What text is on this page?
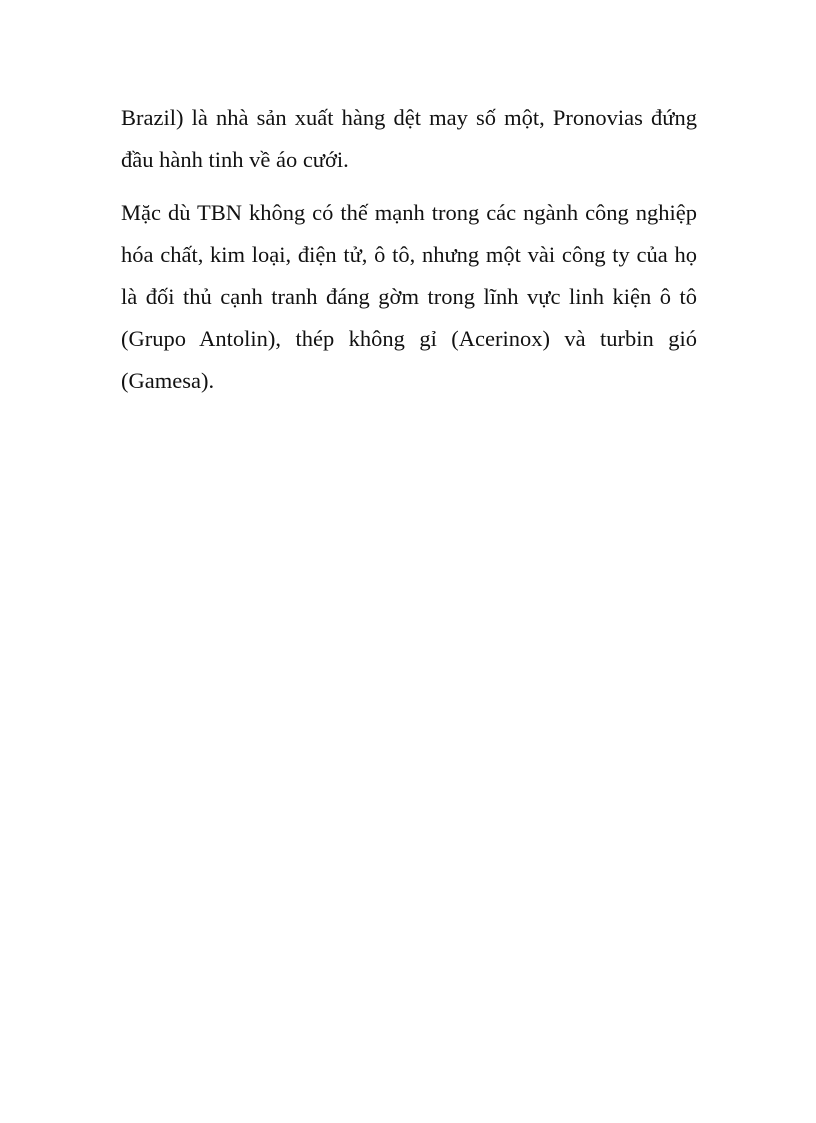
Brazil) là nhà sản xuất hàng dệt may số một, Pronovias đứng đầu hành tinh về áo cưới.

Mặc dù TBN không có thế mạnh trong các ngành công nghiệp hóa chất, kim loại, điện tử, ô tô, nhưng một vài công ty của họ là đối thủ cạnh tranh đáng gờm trong lĩnh vực linh kiện ô tô (Grupo Antolin), thép không gỉ (Acerinox) và turbin gió (Gamesa).
